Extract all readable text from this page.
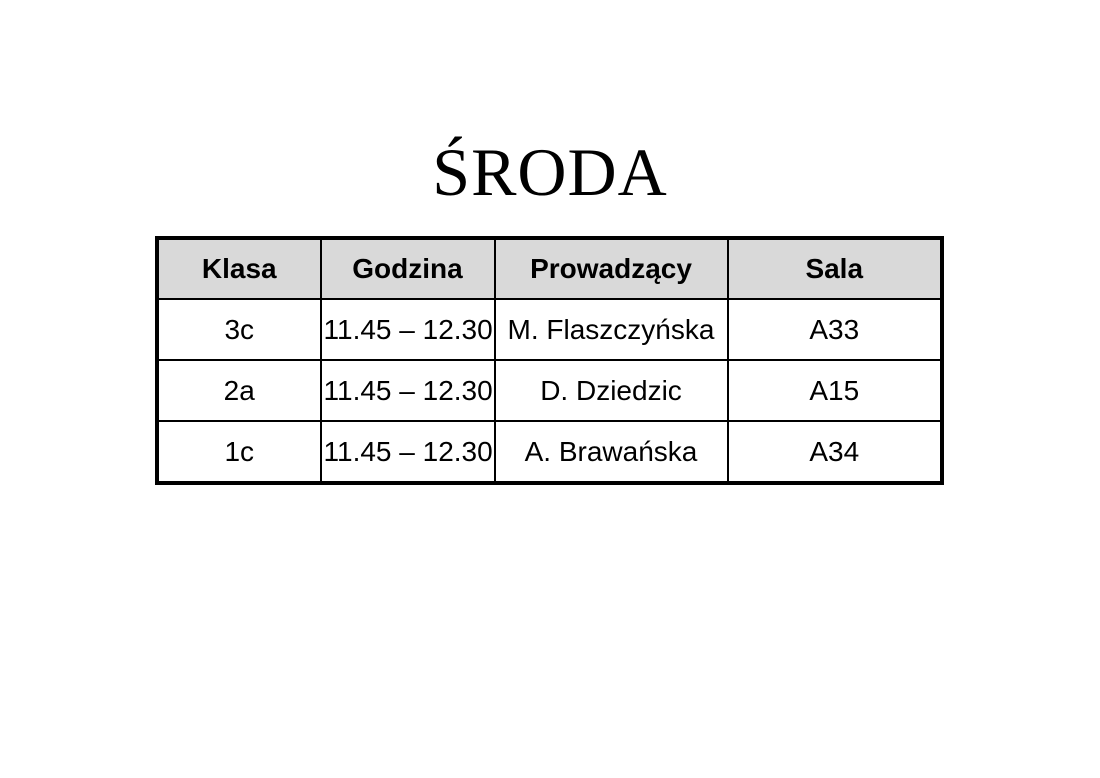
ŚRODA
Klasa	Godzina	Prowadzący	Sala
3c	11.45 – 12.30	M. Flaszczyńska	A33
2a	11.45 – 12.30	D. Dziedzic	A15
1c	11.45 – 12.30	A. Brawańska	A34
